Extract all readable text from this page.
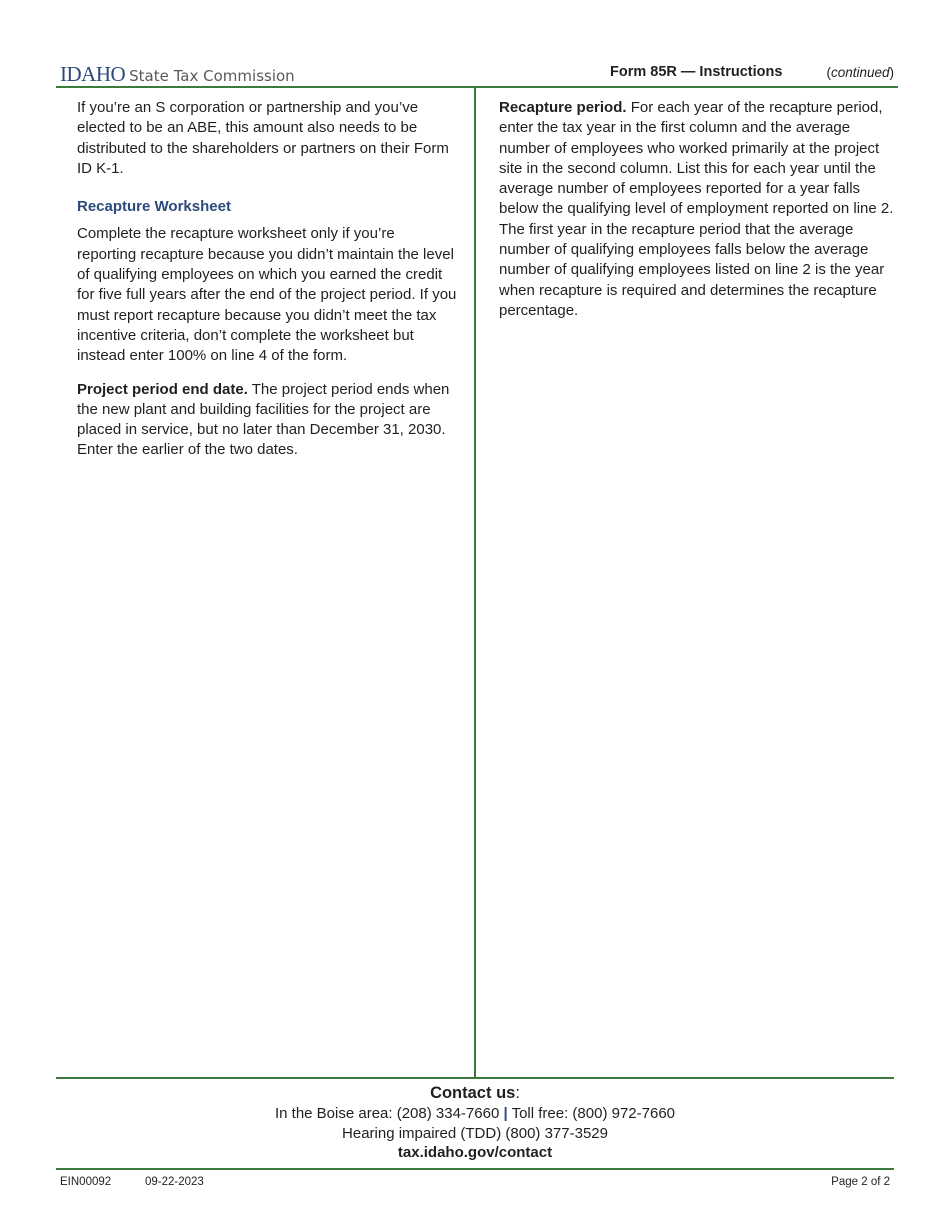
IDAHO State Tax Commission	Form 85R — Instructions	(continued)

If you’re an S corporation or partnership and you’ve elected to be an ABE, this amount also needs to be distributed to the shareholders or partners on their Form ID K-1.

Recapture Worksheet

Complete the recapture worksheet only if you’re reporting recapture because you didn’t maintain the level of qualifying employees on which you earned the credit for five full years after the end of the project period. If you must report recapture because you didn’t meet the tax incentive criteria, don’t complete the worksheet but instead enter 100% on line 4 of the form.

Project period end date. The project period ends when the new plant and building facilities for the project are placed in service, but no later than December 31, 2030. Enter the earlier of the two dates.

Recapture period. For each year of the recapture period, enter the tax year in the first column and the average number of employees who worked primarily at the project site in the second column. List this for each year until the average number of employees reported for a year falls below the qualifying level of employment reported on line 2. The first year in the recapture period that the average number of qualifying employees falls below the average number of qualifying employees listed on line 2 is the year when recapture is required and determines the recapture percentage.

Contact us:
In the Boise area: (208) 334-7660 | Toll free: (800) 972-7660
Hearing impaired (TDD) (800) 377-3529
tax.idaho.gov/contact
EIN00092	09-22-2023	Page 2 of 2
